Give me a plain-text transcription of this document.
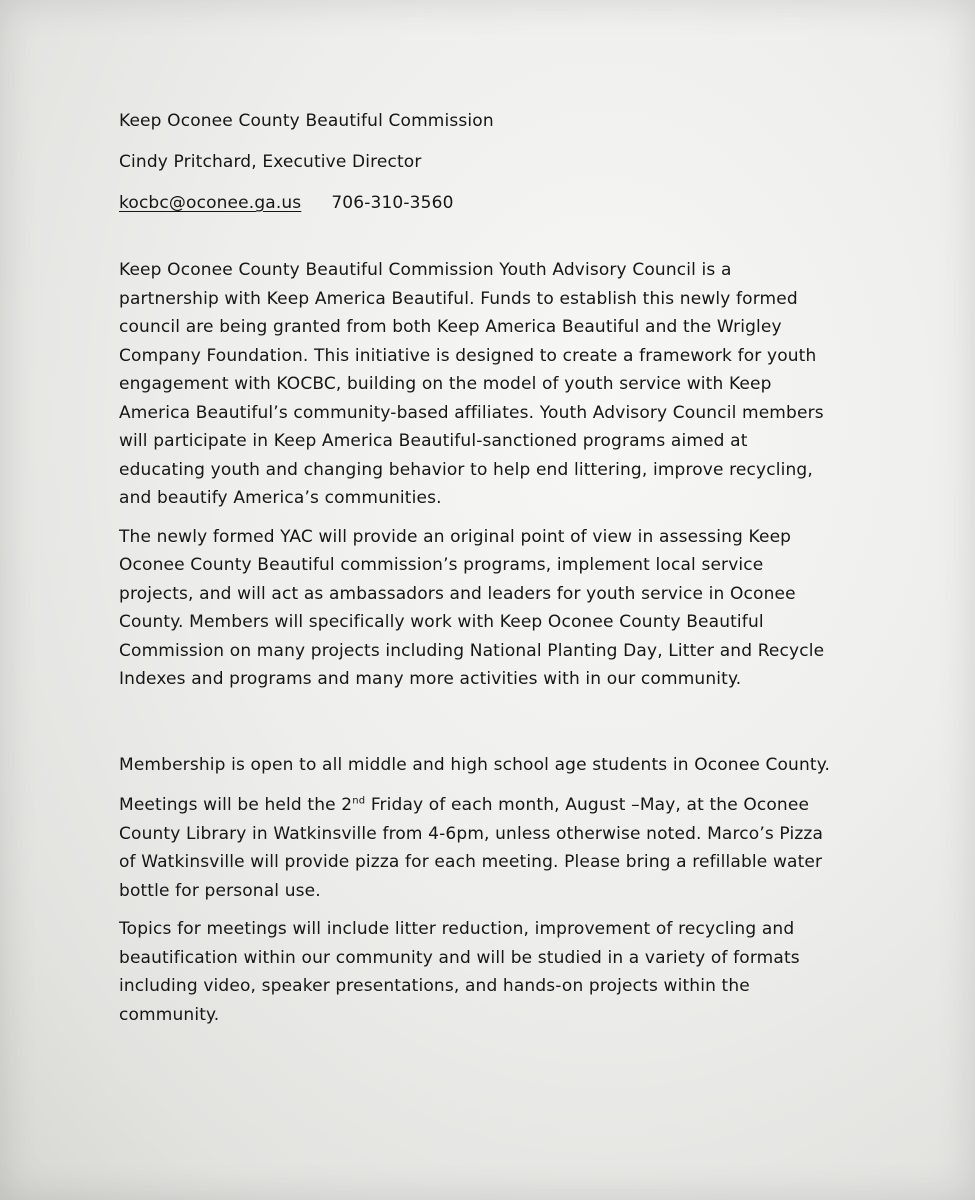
Keep Oconee County Beautiful Commission
Cindy Pritchard, Executive Director
kocbc@oconee.ga.us 706-310-3560
Keep Oconee County Beautiful Commission Youth Advisory Council is a
partnership with Keep America Beautiful. Funds to establish this newly formed
council are being granted from both Keep America Beautiful and the Wrigley
Company Foundation. This initiative is designed to create a framework for youth
engagement with KOCBC, building on the model of youth service with Keep
America Beautiful’s community-based affiliates. Youth Advisory Council members
will participate in Keep America Beautiful-sanctioned programs aimed at
educating youth and changing behavior to help end littering, improve recycling,
and beautify America’s communities.
The newly formed YAC will provide an original point of view in assessing Keep
Oconee County Beautiful commission’s programs, implement local service
projects, and will act as ambassadors and leaders for youth service in Oconee
County. Members will specifically work with Keep Oconee County Beautiful
Commission on many projects including National Planting Day, Litter and Recycle
Indexes and programs and many more activities with in our community.
Membership is open to all middle and high school age students in Oconee County.
Meetings will be held the 2nd Friday of each month, August –May, at the Oconee
County Library in Watkinsville from 4-6pm, unless otherwise noted. Marco’s Pizza
of Watkinsville will provide pizza for each meeting. Please bring a refillable water
bottle for personal use.
Topics for meetings will include litter reduction, improvement of recycling and
beautification within our community and will be studied in a variety of formats
including video, speaker presentations, and hands-on projects within the
community.
